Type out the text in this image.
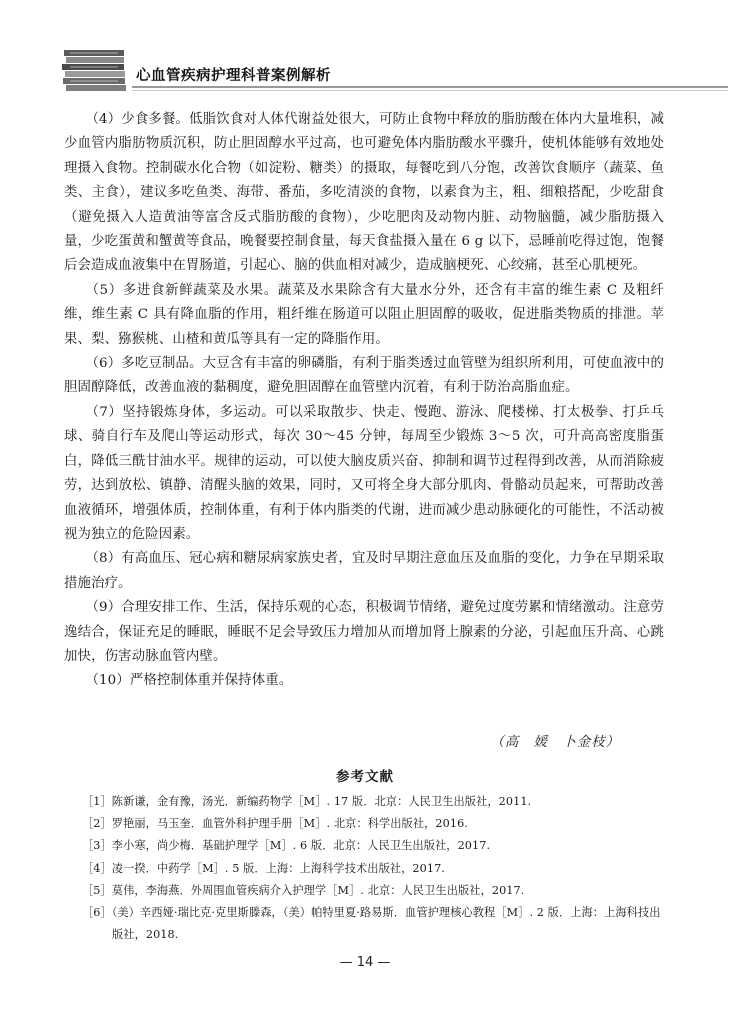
心血管疾病护理科普案例解析

（4）少食多餐。低脂饮食对人体代谢益处很大，可防止食物中释放的脂肪酸在体内大量堆积，减少血管内脂肪物质沉积，防止胆固醇水平过高，也可避免体内脂肪酸水平骤升，使机体能够有效地处理摄入食物。控制碳水化合物（如淀粉、糖类）的摄取，每餐吃到八分饱，改善饮食顺序（蔬菜、鱼类、主食），建议多吃鱼类、海带、番茄，多吃清淡的食物，以素食为主，粗、细粮搭配，少吃甜食（避免摄入人造黄油等富含反式脂肪酸的食物），少吃肥肉及动物内脏、动物脑髓，减少脂肪摄入量，少吃蛋黄和蟹黄等食品，晚餐要控制食量，每天食盐摄入量在 6 g 以下，忌睡前吃得过饱，饱餐后会造成血液集中在胃肠道，引起心、脑的供血相对减少，造成脑梗死、心绞痛，甚至心肌梗死。

（5）多进食新鲜蔬菜及水果。蔬菜及水果除含有大量水分外，还含有丰富的维生素 C 及粗纤维，维生素 C 具有降血脂的作用，粗纤维在肠道可以阻止胆固醇的吸收，促进脂类物质的排泄。苹果、梨、猕猴桃、山楂和黄瓜等具有一定的降脂作用。

（6）多吃豆制品。大豆含有丰富的卵磷脂，有利于脂类透过血管壁为组织所利用，可使血液中的胆固醇降低，改善血液的黏稠度，避免胆固醇在血管壁内沉着，有利于防治高脂血症。

（7）坚持锻炼身体，多运动。可以采取散步、快走、慢跑、游泳、爬楼梯、打太极拳、打乒乓球、骑自行车及爬山等运动形式，每次 30～45 分钟，每周至少锻炼 3～5 次，可升高高密度脂蛋白，降低三酰甘油水平。规律的运动，可以使大脑皮质兴奋、抑制和调节过程得到改善，从而消除疲劳，达到放松、镇静、清醒头脑的效果，同时，又可将全身大部分肌肉、骨骼动员起来，可帮助改善血液循环，增强体质，控制体重，有利于体内脂类的代谢，进而减少患动脉硬化的可能性，不活动被视为独立的危险因素。

（8）有高血压、冠心病和糖尿病家族史者，宜及时早期注意血压及血脂的变化，力争在早期采取措施治疗。

（9）合理安排工作、生活，保持乐观的心态，积极调节情绪，避免过度劳累和情绪激动。注意劳逸结合，保证充足的睡眠，睡眠不足会导致压力增加从而增加肾上腺素的分泌，引起血压升高、心跳加快，伤害动脉血管内壁。

（10）严格控制体重并保持体重。

（高　媛　卜金枝）
参考文献

［1］陈新谦，金有豫，汤光．新编药物学［M］. 17 版．北京：人民卫生出版社，2011.

［2］罗艳丽，马玉奎．血管外科护理手册［M］. 北京：科学出版社，2016.

［3］李小寒，尚少梅．基础护理学［M］. 6 版．北京：人民卫生出版社，2017.

［4］凌一揆．中药学［M］. 5 版．上海：上海科学技术出版社，2017.

［5］莫伟，李海燕．外周围血管疾病介入护理学［M］. 北京：人民卫生出版社，2017.

［6］（美）辛西娅·瑞比克·克里斯滕森，（美）帕特里夏·路易斯．血管护理核心教程［M］. 2 版．上海：上海科技出版社，2018.

— 14 —
